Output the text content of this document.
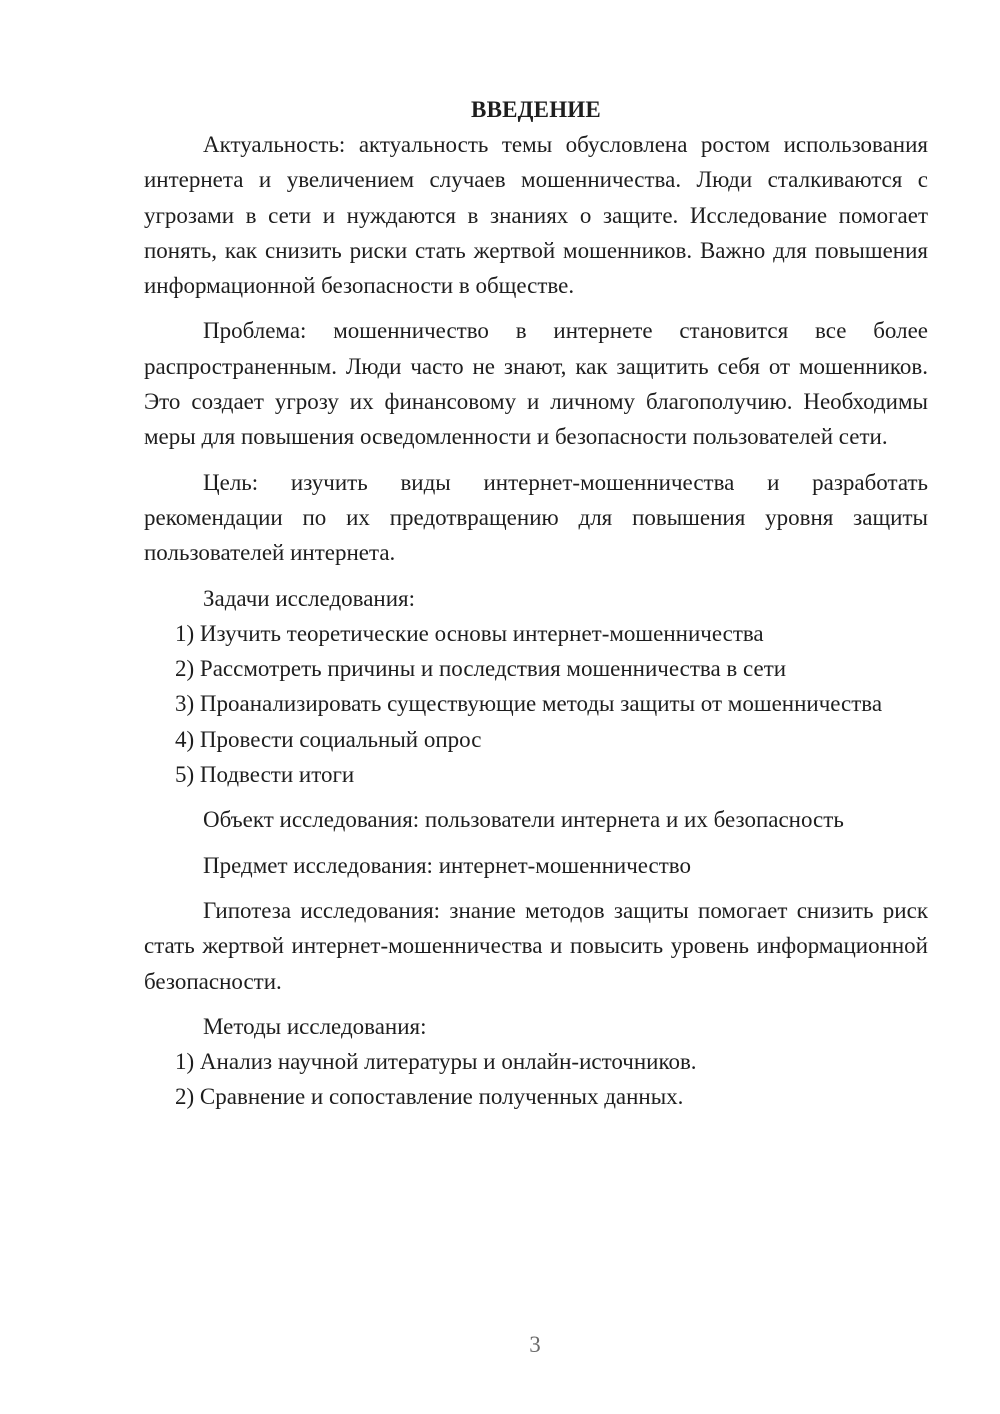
ВВЕДЕНИЕ

Актуальность: актуальность темы обусловлена ростом использования интернета и увеличением случаев мошенничества. Люди сталкиваются с угрозами в сети и нуждаются в знаниях о защите. Исследование помогает понять, как снизить риски стать жертвой мошенников. Важно для повышения информационной безопасности в обществе.

Проблема: мошенничество в интернете становится все более распространенным. Люди часто не знают, как защитить себя от мошенников. Это создает угрозу их финансовому и личному благополучию. Необходимы меры для повышения осведомленности и безопасности пользователей сети.

Цель: изучить виды интернет-мошенничества и разработать рекомендации по их предотвращению для повышения уровня защиты пользователей интернета.

Задачи исследования:

1) Изучить теоретические основы интернет-мошенничества

2) Рассмотреть причины и последствия мошенничества в сети

3) Проанализировать существующие методы защиты от мошенничества

4) Провести социальный опрос

5) Подвести итоги

Объект исследования: пользователи интернета и их безопасность

Предмет исследования: интернет-мошенничество

Гипотеза исследования: знание методов защиты помогает снизить риск стать жертвой интернет-мошенничества и повысить уровень информационной безопасности.

Методы исследования:

1) Анализ научной литературы и онлайн-источников.

2) Сравнение и сопоставление полученных данных.

3
